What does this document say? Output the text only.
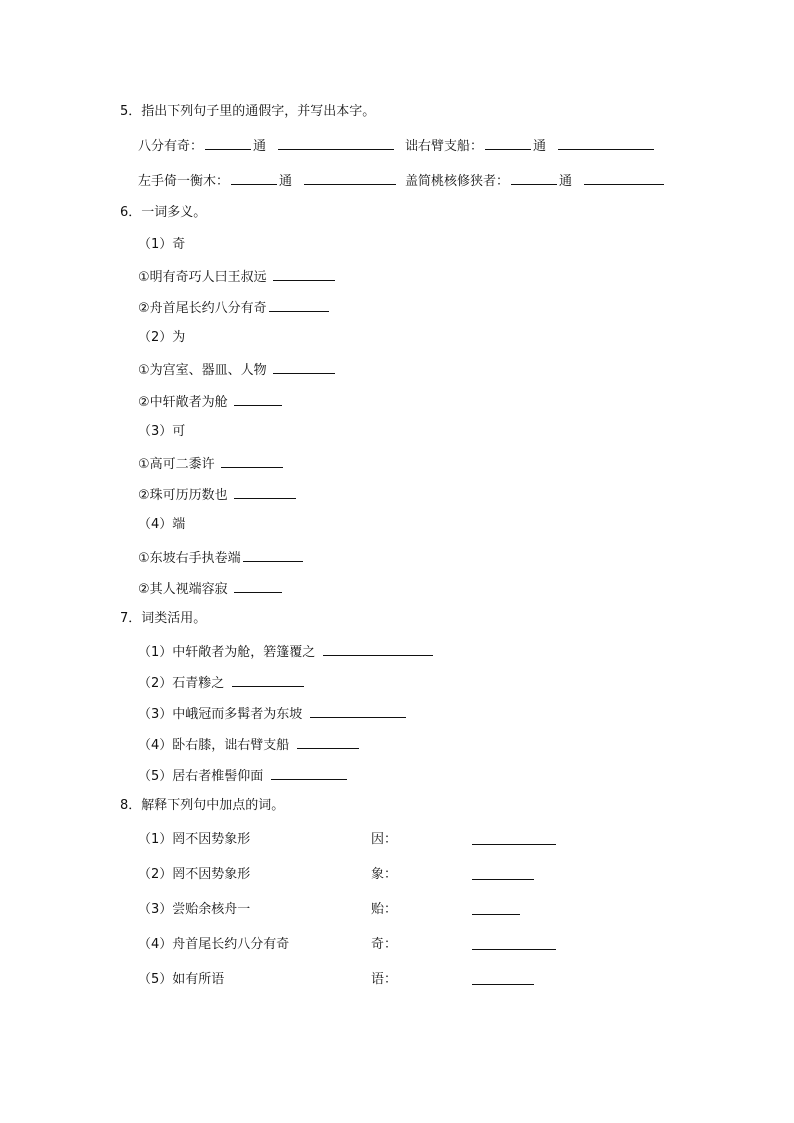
5．指出下列句子里的通假字，并写出本字。
八分有奇：	通	诎右臂支船：	通
左手倚一衡木：	通	盖简桃核修狭者：	通
6．一词多义。
（1）奇
①明有奇巧人曰王叔远
②舟首尾长约八分有奇
（2）为
①为宫室、器皿、人物
②中轩敞者为舱
（3）可
①高可二黍许
②珠可历历数也
（4）端
①东坡右手执卷端
②其人视端容寂
7．词类活用。
（1）中轩敞者为舱，箬篷覆之
（2）石青糁之
（3）中峨冠而多髯者为东坡
（4）卧右膝，诎右臂支船
（5）居右者椎髻仰面
8．解释下列句中加点的词。
（1）罔不因势象形	因：
（2）罔不因势象形	象：
（3）尝贻余核舟一	贻：
（4）舟首尾长约八分有奇	奇：
（5）如有所语	语：
